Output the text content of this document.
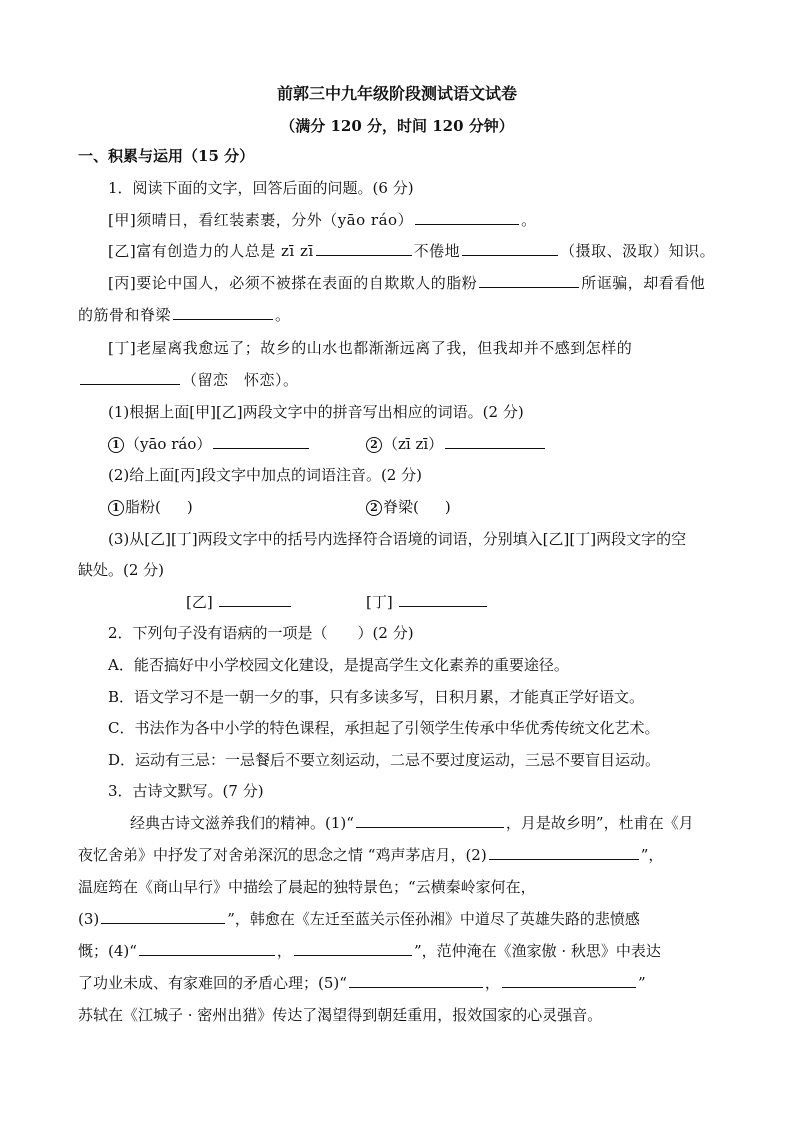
前郭三中九年级阶段测试语文试卷
（满分 120 分，时间 120 分钟）
一、积累与运用（15 分）
1．阅读下面的文字，回答后面的问题。(6 分)
[甲]须晴日，看红装素裹，分外（yāo ráo）	。
[乙]富有创造力的人总是 zī zī	不倦地	（摄取、汲取）知识。
[丙]要论中国人，必须不被搽在表面的自欺欺人的脂粉	所诓骗，却看看他
的筋骨和脊梁	。
[丁]老屋离我愈远了；故乡的山水也都渐渐远离了我，但我却并不感到怎样的
（留恋　怀恋）。
(1)根据上面[甲][乙]两段文字中的拼音写出相应的词语。(2 分)
1 （yāo ráo）	2 （zī zī）
(2)给上面[丙]段文字中加点的词语注音。(2 分)
1 脂粉( )	2 脊梁( )
(3)从[乙][丁]两段文字中的括号内选择符合语境的词语，分别填入[乙][丁]两段文字的空
缺处。(2 分)
[乙]	[丁]
2．下列句子没有语病的一项是（　　）(2 分)
A．能否搞好中小学校园文化建设，是提高学生文化素养的重要途径。
B．语文学习不是一朝一夕的事，只有多读多写，日积月累，才能真正学好语文。
C．书法作为各中小学的特色课程，承担起了引领学生传承中华优秀传统文化艺术。
D．运动有三忌：一忌餐后不要立刻运动，二忌不要过度运动，三忌不要盲目运动。
3．古诗文默写。(7 分)
经典古诗文滋养我们的精神。(1)“	，月是故乡明”，杜甫在《月
夜忆舍弟》中抒发了对舍弟深沉的思念之情 “鸡声茅店月，(2)	”，
温庭筠在《商山早行》中描绘了晨起的独特景色；“云横秦岭家何在，
(3)	”，韩愈在《左迁至蓝关示侄孙湘》中道尽了英雄失路的悲愤感
慨；(4)“	，	”，范仲淹在《渔家傲 · 秋思》中表达
了功业未成、有家难回的矛盾心理；(5)“	，	”
苏轼在《江城子 · 密州出猎》传达了渴望得到朝廷重用，报效国家的心灵强音。
